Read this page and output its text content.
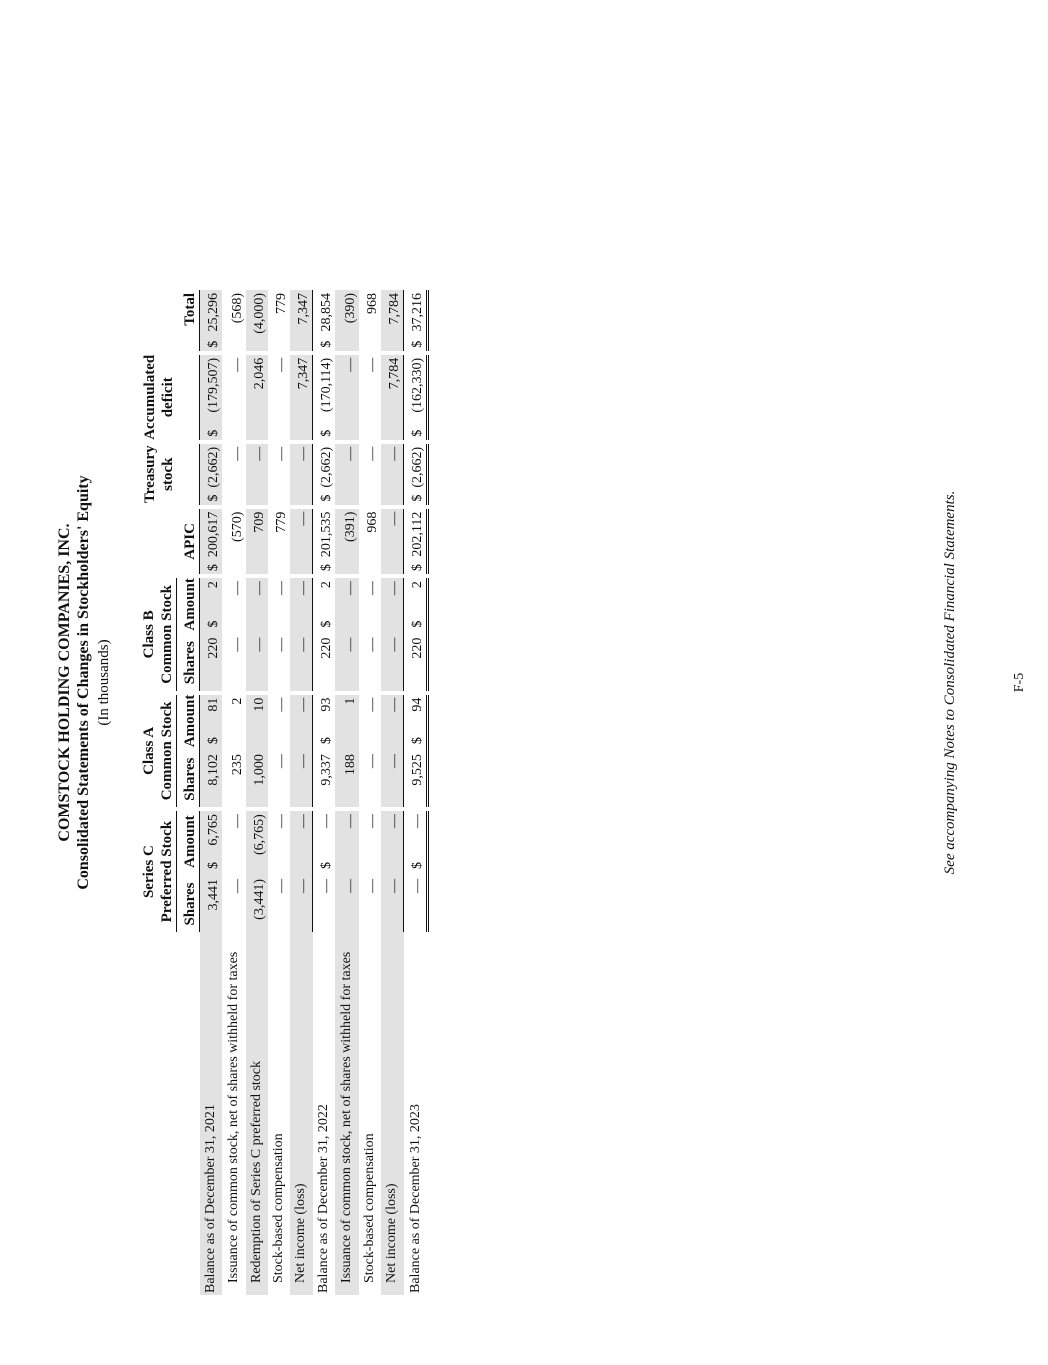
COMSTOCK HOLDING COMPANIES, INC. Consolidated Statements of Changes in Stockholders' Equity (In thousands)
	Series C Preferred Stock					Class A Common Stock					Class B Common Stock								Treasury stock			Accumulated deficit				
	Shares		Amount			Shares		Amount			Shares		Amount			APIC									Total	
Balance as of December 31, 2021	3,441		$	6,765		8,102		$	81		220		$	2		$	200,617		$	(2,662)		$	(179,507)		$	25,296
Issuance of common stock, net of shares withheld for taxes	—			—		235			2		—			—			(570)			—			—			(568)
Redemption of Series C preferred stock	(3,441)			(6,765)		1,000			10		—			—			709			—			2,046			(4,000)
Stock-based compensation	—			—		—			—		—			—			779			—			—			779
Net income (loss)	—			—		—			—		—			—			—			—			7,347			7,347
Balance as of December 31, 2022	—		$	—		9,337		$	93		220		$	2		$	201,535		$	(2,662)		$	(170,114)		$	28,854
Issuance of common stock, net of shares withheld for taxes	—			—		188			1		—			—			(391)			—			—			(390)
Stock-based compensation	—			—		—			—		—			—			968			—			—			968
Net income (loss)	—			—		—			—		—			—			—			—			7,784			7,784
Balance as of December 31, 2023	—		$	—		9,525		$	94		220		$	2		$	202,112		$	(2,662)		$	(162,330)		$	37,216
See accompanying Notes to Consolidated Financial Statements.	F-5
